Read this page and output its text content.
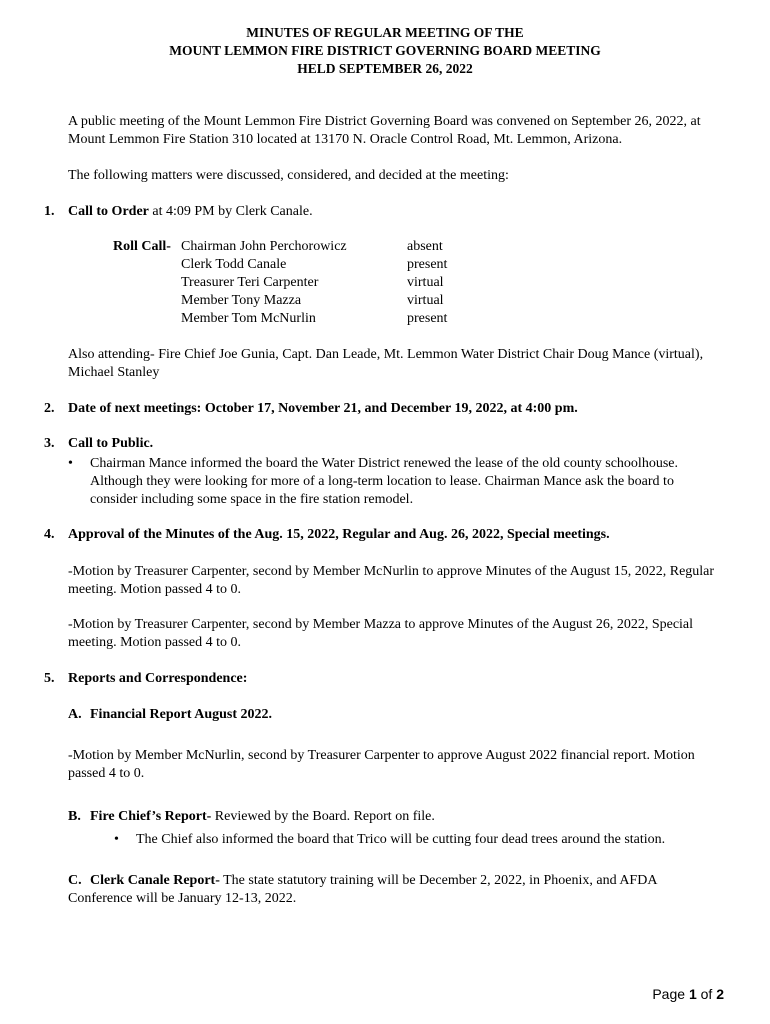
MINUTES OF REGULAR MEETING OF THE
MOUNT LEMMON FIRE DISTRICT GOVERNING BOARD MEETING
HELD SEPTEMBER 26, 2022
A public meeting of the Mount Lemmon Fire District Governing Board was convened on September 26, 2022, at Mount Lemmon Fire Station 310 located at 13170 N. Oracle Control Road, Mt. Lemmon, Arizona.
The following matters were discussed, considered, and decided at the meeting:
1. Call to Order at 4:09 PM by Clerk Canale.
Roll Call- Chairman John Perchorowicz
Clerk Todd Canale
Treasurer Teri Carpenter
Member Tony Mazza
Member Tom McNurlin
absent
present
virtual
virtual
present
Also attending- Fire Chief Joe Gunia, Capt. Dan Leade, Mt. Lemmon Water District Chair Doug Mance (virtual), Michael Stanley
2. Date of next meetings: October 17, November 21, and December 19, 2022, at 4:00 pm.
3. Call to Public.
• Chairman Mance informed the board the Water District renewed the lease of the old county schoolhouse. Although they were looking for more of a long-term location to lease. Chairman Mance ask the board to consider including some space in the fire station remodel.
4. Approval of the Minutes of the Aug. 15, 2022, Regular and Aug. 26, 2022, Special meetings.
-Motion by Treasurer Carpenter, second by Member McNurlin to approve Minutes of the August 15, 2022, Regular meeting. Motion passed 4 to 0.
-Motion by Treasurer Carpenter, second by Member Mazza to approve Minutes of the August 26, 2022, Special meeting. Motion passed 4 to 0.
5. Reports and Correspondence:
A. Financial Report August 2022.
-Motion by Member McNurlin, second by Treasurer Carpenter to approve August 2022 financial report. Motion passed 4 to 0.
B. Fire Chief’s Report- Reviewed by the Board. Report on file.
• The Chief also informed the board that Trico will be cutting four dead trees around the station.
C. Clerk Canale Report- The state statutory training will be December 2, 2022, in Phoenix, and AFDA Conference will be January 12-13, 2022.
Page 1 of 2
